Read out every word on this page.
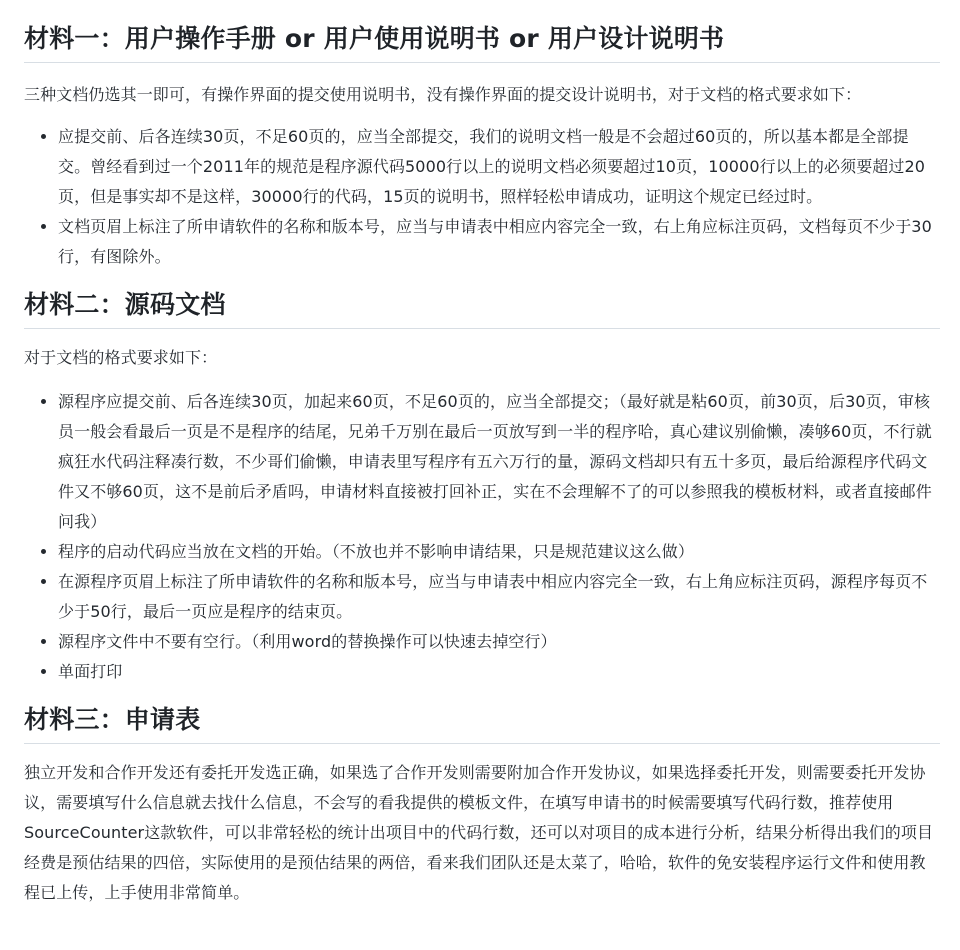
材料一：用户操作手册 or 用户使用说明书 or 用户设计说明书

三种文档仍选其一即可，有操作界面的提交使用说明书，没有操作界面的提交设计说明书，对于文档的格式要求如下：

• 应提交前、后各连续30页，不足60页的，应当全部提交，我们的说明文档一般是不会超过60页的，所以基本都是全部提交。曾经看到过一个2011年的规范是程序源代码5000行以上的说明文档必须要超过10页，10000行以上的必须要超过20页，但是事实却不是这样，30000行的代码，15页的说明书，照样轻松申请成功，证明这个规定已经过时。
• 文档页眉上标注了所申请软件的名称和版本号，应当与申请表中相应内容完全一致，右上角应标注页码，文档每页不少于30行，有图除外。
材料二：源码文档

对于文档的格式要求如下：

• 源程序应提交前、后各连续30页，加起来60页，不足60页的，应当全部提交；（最好就是粘60页，前30页，后30页，审核员一般会看最后一页是不是程序的结尾，兄弟千万别在最后一页放写到一半的程序哈，真心建议别偷懒，凑够60页，不行就疯狂水代码注释凑行数，不少哥们偷懒，申请表里写程序有五六万行的量，源码文档却只有五十多页，最后给源程序代码文件又不够60页，这不是前后矛盾吗，申请材料直接被打回补正，实在不会理解不了的可以参照我的模板材料，或者直接邮件问我）
• 程序的启动代码应当放在文档的开始。（不放也并不影响申请结果，只是规范建议这么做）
• 在源程序页眉上标注了所申请软件的名称和版本号，应当与申请表中相应内容完全一致，右上角应标注页码，源程序每页不少于50行，最后一页应是程序的结束页。
• 源程序文件中不要有空行。（利用word的替换操作可以快速去掉空行）
• 单面打印
材料三：申请表

独立开发和合作开发还有委托开发选正确，如果选了合作开发则需要附加合作开发协议，如果选择委托开发，则需要委托开发协议，需要填写什么信息就去找什么信息，不会写的看我提供的模板文件，在填写申请书的时候需要填写代码行数，推荐使用SourceCounter这款软件，可以非常轻松的统计出项目中的代码行数，还可以对项目的成本进行分析，结果分析得出我们的项目经费是预估结果的四倍，实际使用的是预估结果的两倍，看来我们团队还是太菜了，哈哈，软件的免安装程序运行文件和使用教程已上传，上手使用非常简单。
